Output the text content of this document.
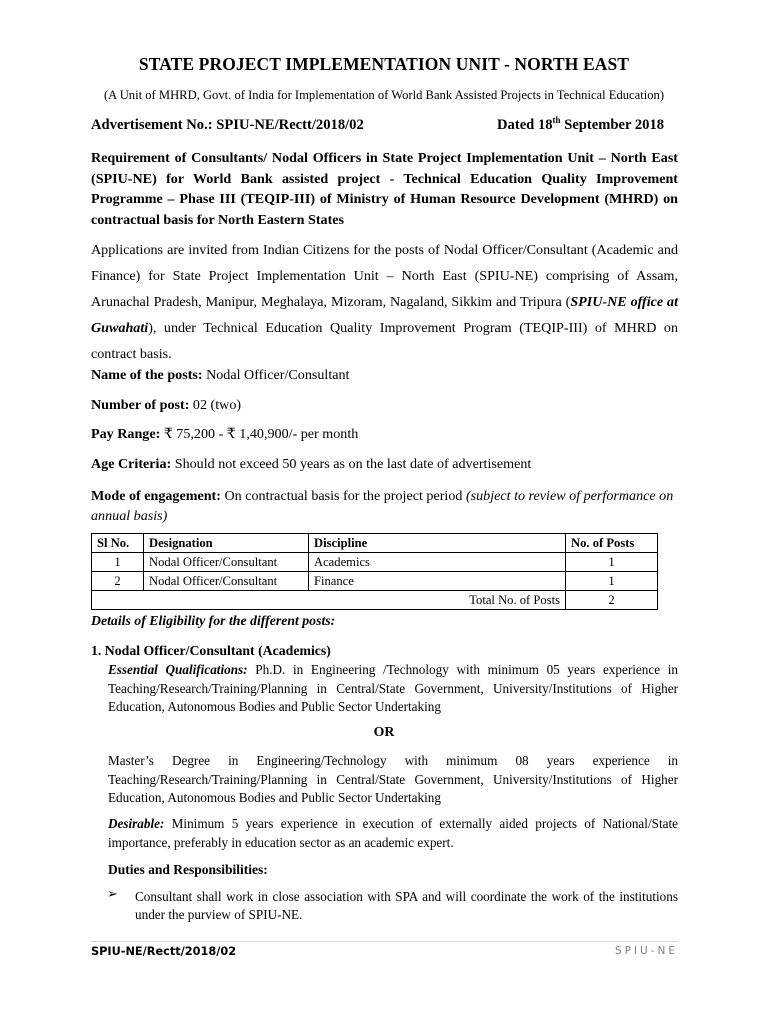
STATE PROJECT IMPLEMENTATION UNIT - NORTH EAST
(A Unit of MHRD, Govt. of India for Implementation of World Bank Assisted Projects in Technical Education)
Advertisement No.: SPIU-NE/Rectt/2018/02	Dated 18th September 2018
Requirement of Consultants/ Nodal Officers in State Project Implementation Unit – North East (SPIU-NE) for World Bank assisted project - Technical Education Quality Improvement Programme – Phase III (TEQIP-III) of Ministry of Human Resource Development (MHRD) on contractual basis for North Eastern States
Applications are invited from Indian Citizens for the posts of Nodal Officer/Consultant (Academic and Finance) for State Project Implementation Unit – North East (SPIU-NE) comprising of Assam, Arunachal Pradesh, Manipur, Meghalaya, Mizoram, Nagaland, Sikkim and Tripura (SPIU-NE office at Guwahati), under Technical Education Quality Improvement Program (TEQIP-III) of MHRD on contract basis.
Name of the posts: Nodal Officer/Consultant
Number of post: 02 (two)
Pay Range: ₹ 75,200 - ₹ 1,40,900/- per month
Age Criteria: Should not exceed 50 years as on the last date of advertisement
Mode of engagement: On contractual basis for the project period (subject to review of performance on annual basis)
Sl No.	Designation	Discipline	No. of Posts
1	Nodal Officer/Consultant	Academics	1
2	Nodal Officer/Consultant	Finance	1
Total No. of Posts			2
Details of Eligibility for the different posts:
1. Nodal Officer/Consultant (Academics)
Essential Qualifications: Ph.D. in Engineering /Technology with minimum 05 years experience in Teaching/Research/Training/Planning in Central/State Government, University/Institutions of Higher Education, Autonomous Bodies and Public Sector Undertaking
OR
Master’s Degree in Engineering/Technology with minimum 08 years experience in Teaching/Research/Training/Planning in Central/State Government, University/Institutions of Higher Education, Autonomous Bodies and Public Sector Undertaking
Desirable: Minimum 5 years experience in execution of externally aided projects of National/State importance, preferably in education sector as an academic expert.
Duties and Responsibilities:
➢ Consultant shall work in close association with SPA and will coordinate the work of the institutions under the purview of SPIU-NE.
SPIU-NE/Rectt/2018/02	SPIU-NE
